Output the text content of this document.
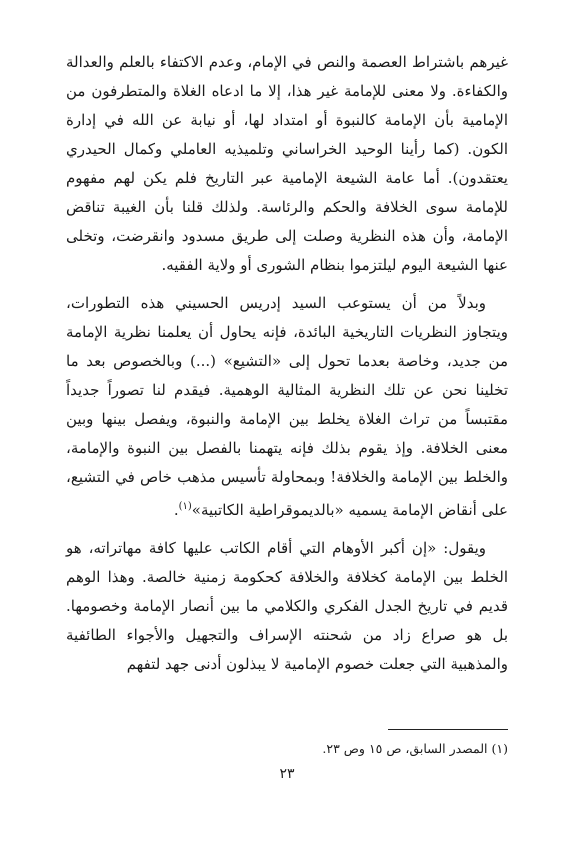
غيرهم باشتراط العصمة والنص في الإمام، وعدم الاكتفاء بالعلم والعدالة والكفاءة. ولا معنى للإمامة غير هذا، إلا ما ادعاه الغلاة والمتطرفون من الإمامية بأن الإمامة كالنبوة أو امتداد لها، أو نيابة عن الله في إدارة الكون. (كما رأينا الوحيد الخراساني وتلميذيه العاملي وكمال الحيدري يعتقدون). أما عامة الشيعة الإمامية عبر التاريخ فلم يكن لهم مفهوم للإمامة سوى الخلافة والحكم والرئاسة. ولذلك قلنا بأن الغيبة تناقض الإمامة، وأن هذه النظرية وصلت إلى طريق مسدود وانقرضت، وتخلى عنها الشيعة اليوم ليلتزموا بنظام الشورى أو ولاية الفقيه.

وبدلاً من أن يستوعب السيد إدريس الحسيني هذه التطورات، ويتجاوز النظريات التاريخية البائدة، فإنه يحاول أن يعلمنا نظرية الإمامة من جديد، وخاصة بعدما تحول إلى «التشيع» (...) وبالخصوص بعد ما تخلينا نحن عن تلك النظرية المثالية الوهمية. فيقدم لنا تصوراً جديداً مقتبساً من تراث الغلاة يخلط بين الإمامة والنبوة، ويفصل بينها وبين معنى الخلافة. وإذ يقوم بذلك فإنه يتهمنا بالفصل بين النبوة والإمامة، والخلط بين الإمامة والخلافة! وبمحاولة تأسيس مذهب خاص في التشيع، على أنقاض الإمامة يسميه «بالديموقراطية الكاتبية»$^{(١)}$.

ويقول: «إن أكبر الأوهام التي أقام الكاتب عليها كافة مهاتراته، هو الخلط بين الإمامة كخلافة والخلافة كحكومة زمنية خالصة. وهذا الوهم قديم في تاريخ الجدل الفكري والكلامي ما بين أنصار الإمامة وخصومها. بل هو صراع زاد من شحنته الإسراف والتجهيل والأجواء الطائفية والمذهبية التي جعلت خصوم الإمامية لا يبذلون أدنى جهد لتفهم

(١) المصدر السابق، ص ١٥ وص ٢٣.
٢٣
